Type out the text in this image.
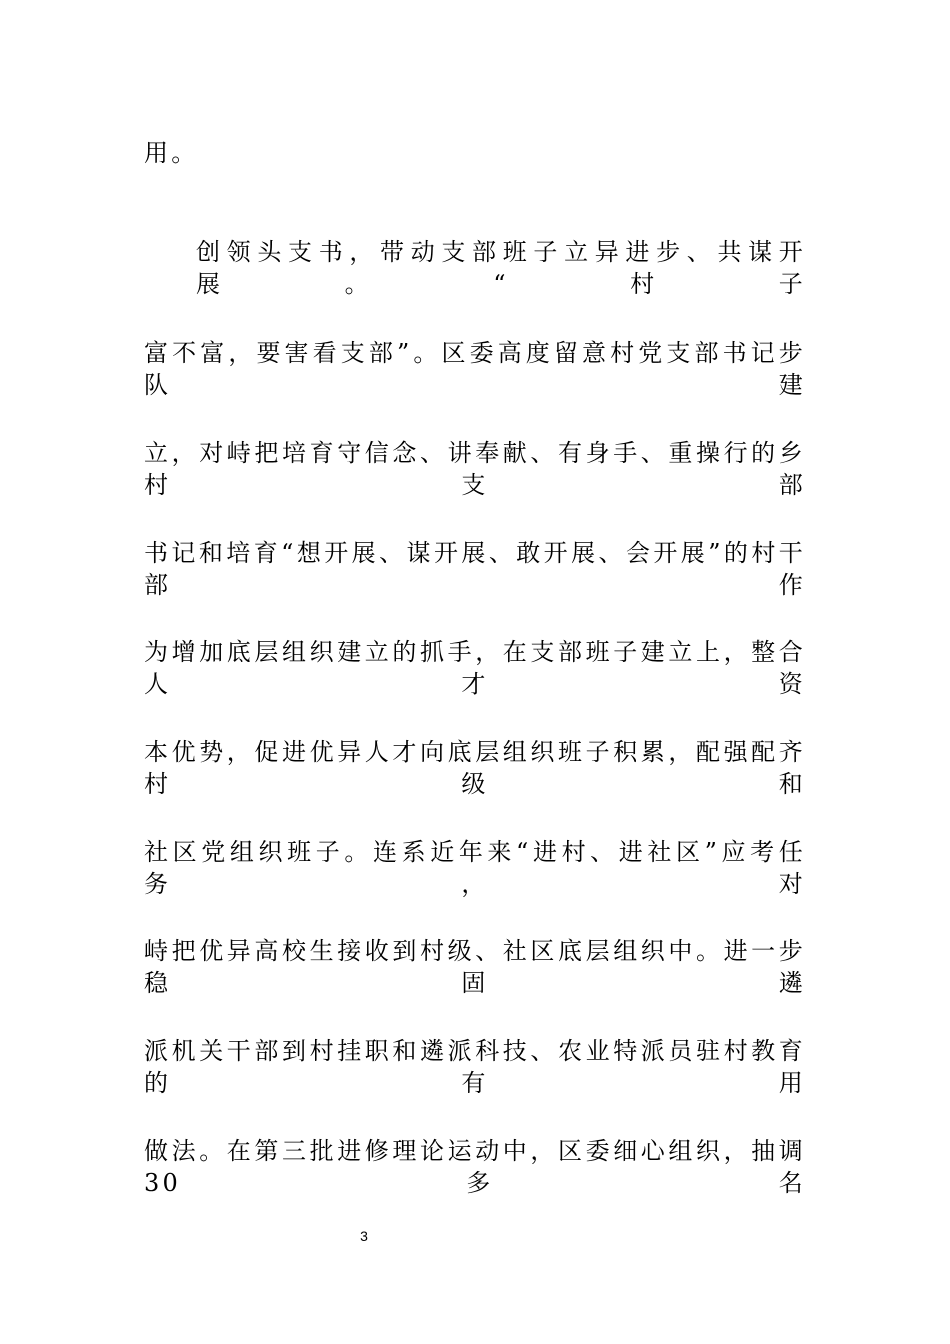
用。
创领头支书，带动支部班子立异进步、共谋开展。“村子
富不富，要害看支部”。区委高度留意村党支部书记步队建
立，对峙把培育守信念、讲奉献、有身手、重操行的乡村支部
书记和培育“想开展、谋开展、敢开展、会开展”的村干部作
为增加底层组织建立的抓手，在支部班子建立上，整合人才资
本优势，促进优异人才向底层组织班子积累，配强配齐村级和
社区党组织班子。连系近年来“进村、进社区”应考任务，对
峙把优异高校生接收到村级、社区底层组织中。进一步稳固遴
派机关干部到村挂职和遴派科技、农业特派员驻村教育的有用
做法。在第三批进修理论运动中，区委细心组织，抽调30多名
3
